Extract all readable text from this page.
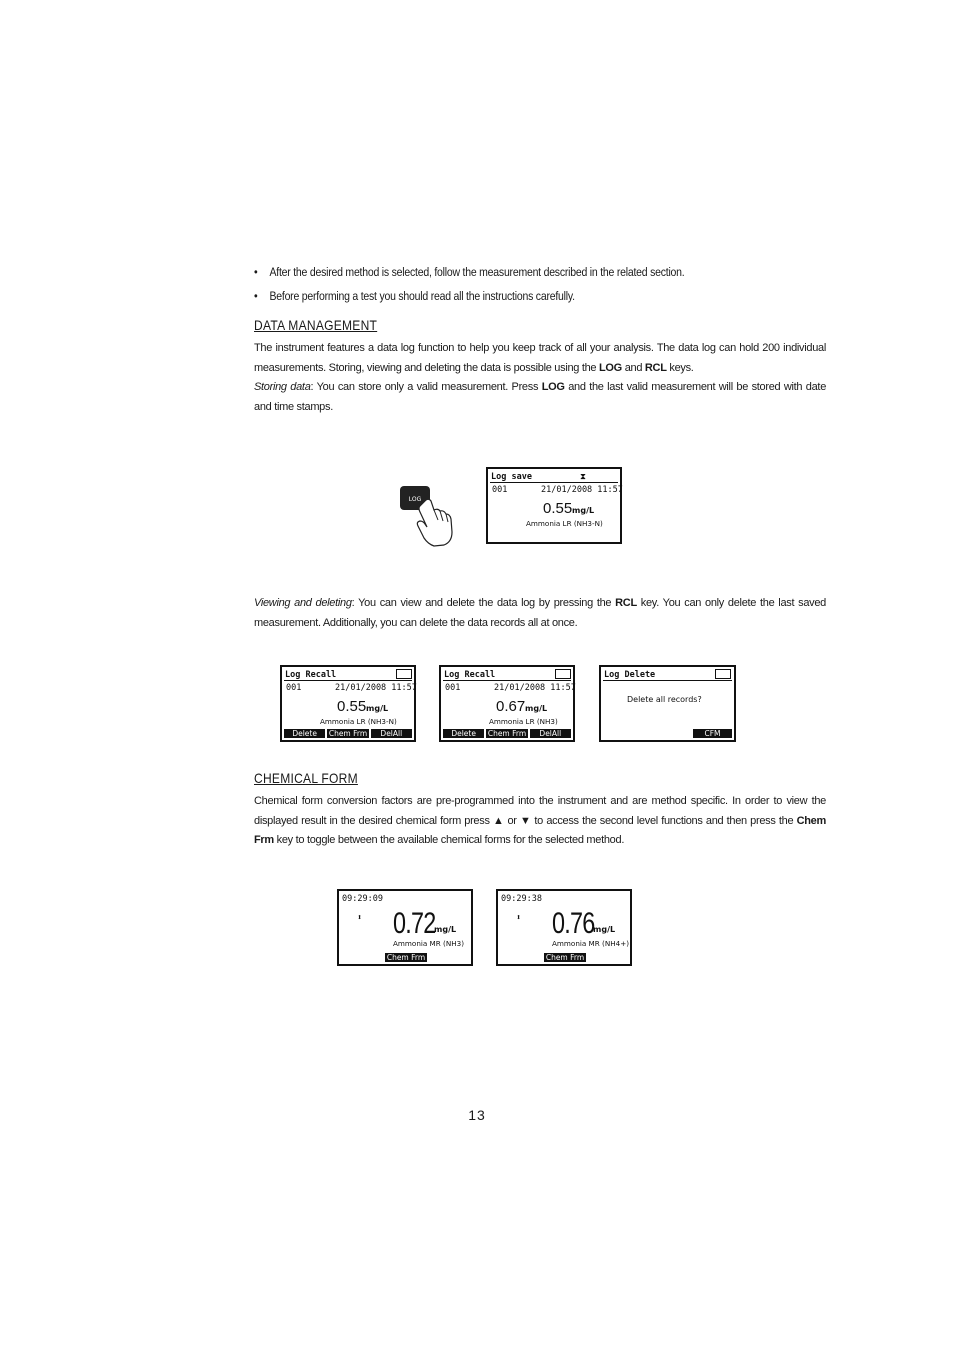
• After the desired method is selected, follow the measurement described in the related section.
• Before performing a test you should read all the instructions carefully.
DATA MANAGEMENT
The instrument features a data log function to help you keep track of all your analysis. The data log can hold 200 individual measurements. Storing, viewing and deleting the data is possible using the LOG and RCL keys.
Storing data: You can store only a valid measurement. Press LOG and the last valid measurement will be stored with date and time stamps.
LOG
Log save	⧗
001	21/01/2008 11:57
0.55 mg/L
Ammonia LR (NH3-N)
Viewing and deleting: You can view and delete the data log by pressing the RCL key. You can only delete the last saved measurement. Additionally, you can delete the data records all at once.
Log Recall
001	21/01/2008 11:57
0.55 mg/L
Ammonia LR (NH3-N)
Delete	Chem Frm	DelAll
Log Recall
001	21/01/2008 11:57
0.67 mg/L
Ammonia LR (NH3)
Delete	Chem Frm	DelAll
Log Delete
Delete all records?
CFM
CHEMICAL FORM
Chemical form conversion factors are pre-programmed into the instrument and are method specific. In order to view the displayed result in the desired chemical form press ▲ or ▼ to access the second level functions and then press the Chem Frm key to toggle between the available chemical forms for the selected method.
09:29:09
⬍ 0.72
mg/L
Ammonia MR (NH3)
Chem Frm
09:29:38
⬍ 0.76
mg/L
Ammonia MR (NH4+)
Chem Frm
13
